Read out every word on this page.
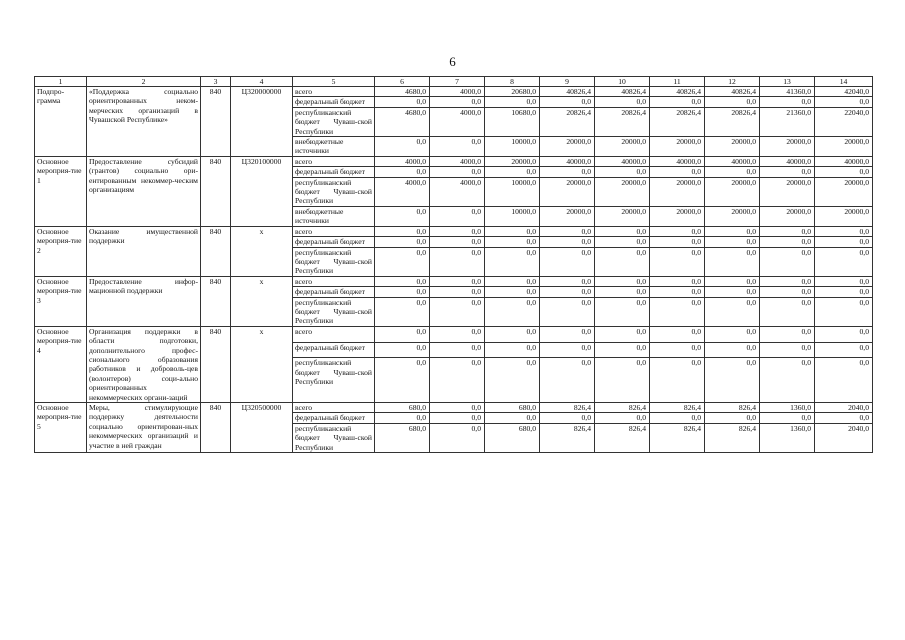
6
1	2	3	4	5	6	7	8	9	10	11	12	13	14
Подпро-грамма	«Поддержка социально ориентированных неком-мерческих организаций в Чувашской Республике»	840	Ц320000000	всего	4680,0	4000,0	20680,0	40826,4	40826,4	40826,4	40826,4	41360,0	42040,0
				федеральный бюджет	0,0	0,0	0,0	0,0	0,0	0,0	0,0	0,0	0,0
				республиканский бюджет Чуваш-ской Республики	4680,0	4000,0	10680,0	20826,4	20826,4	20826,4	20826,4	21360,0	22040,0
				внебюджетные источники	0,0	0,0	10000,0	20000,0	20000,0	20000,0	20000,0	20000,0	20000,0
Основное мероприя-тие 1	Предоставление субсидий (грантов) социально ори-ентированным некоммер-ческим организациям	840	Ц320100000	всего	4000,0	4000,0	20000,0	40000,0	40000,0	40000,0	40000,0	40000,0	40000,0
				федеральный бюджет	0,0	0,0	0,0	0,0	0,0	0,0	0,0	0,0	0,0
				республиканский бюджет Чуваш-ской Республики	4000,0	4000,0	10000,0	20000,0	20000,0	20000,0	20000,0	20000,0	20000,0
				внебюджетные источники	0,0	0,0	10000,0	20000,0	20000,0	20000,0	20000,0	20000,0	20000,0
Основное мероприя-тие 2	Оказание имущественной поддержки	840	x	всего	0,0	0,0	0,0	0,0	0,0	0,0	0,0	0,0	0,0
				федеральный бюджет	0,0	0,0	0,0	0,0	0,0	0,0	0,0	0,0	0,0
				республиканский бюджет Чуваш-ской Республики	0,0	0,0	0,0	0,0	0,0	0,0	0,0	0,0	0,0
Основное мероприя-тие 3	Предоставление инфор-мационной поддержки	840	x	всего	0,0	0,0	0,0	0,0	0,0	0,0	0,0	0,0	0,0
				федеральный бюджет	0,0	0,0	0,0	0,0	0,0	0,0	0,0	0,0	0,0
				республиканский бюджет Чуваш-ской Республики	0,0	0,0	0,0	0,0	0,0	0,0	0,0	0,0	0,0
Основное мероприя-тие 4	Организация поддержки в области подготовки, дополнительного профес-сионального образования работников и доброволь-цев (волонтеров) соци-ально ориентированных некоммерческих органи-заций	840	x	всего	0,0	0,0	0,0	0,0	0,0	0,0	0,0	0,0	0,0
				федеральный бюджет	0,0	0,0	0,0	0,0	0,0	0,0	0,0	0,0	0,0
				республиканский бюджет Чуваш-ской Республики	0,0	0,0	0,0	0,0	0,0	0,0	0,0	0,0	0,0
Основное мероприя-тие 5	Меры, стимулирующие поддержку деятельности социально ориентирован-ных некоммерческих организаций и участие в ней граждан	840	Ц320500000	всего	680,0	0,0	680,0	826,4	826,4	826,4	826,4	1360,0	2040,0
				федеральный бюджет	0,0	0,0	0,0	0,0	0,0	0,0	0,0	0,0	0,0
				республиканский бюджет Чуваш-ской Республики	680,0	0,0	680,0	826,4	826,4	826,4	826,4	1360,0	2040,0
